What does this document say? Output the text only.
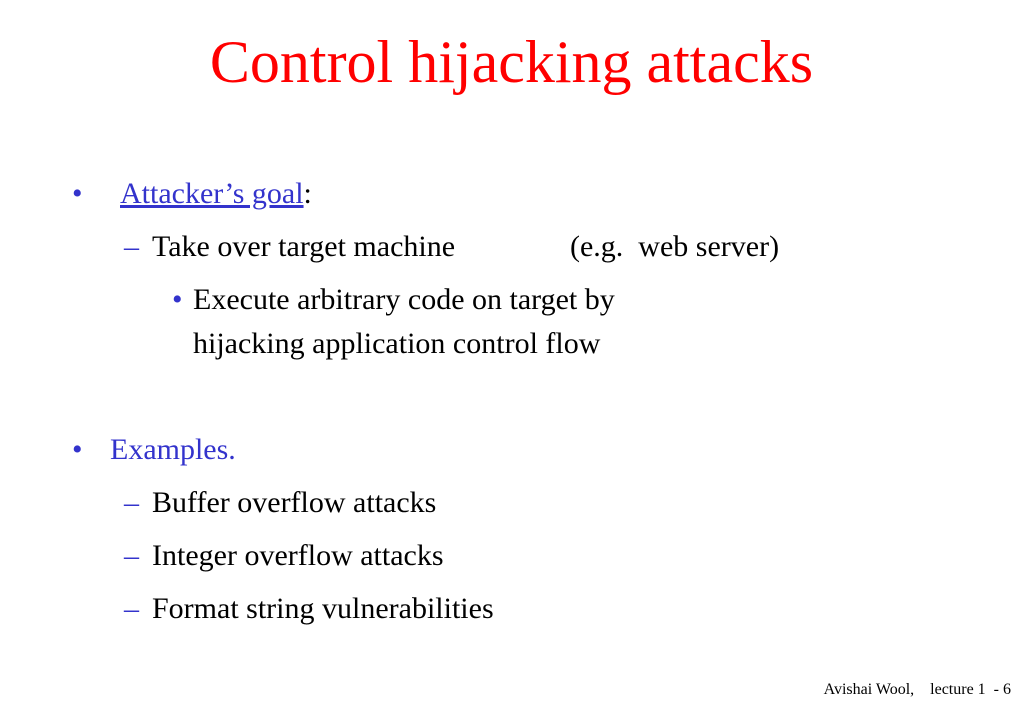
Control hijacking attacks
• Attacker’s goal:
– Take over target machine	(e.g.  web server)
• Execute arbitrary code on target by
hijacking application control flow
• Examples.
– Buffer overflow attacks
– Integer overflow attacks
– Format string vulnerabilities
Avishai Wool, lecture 1 - 6
